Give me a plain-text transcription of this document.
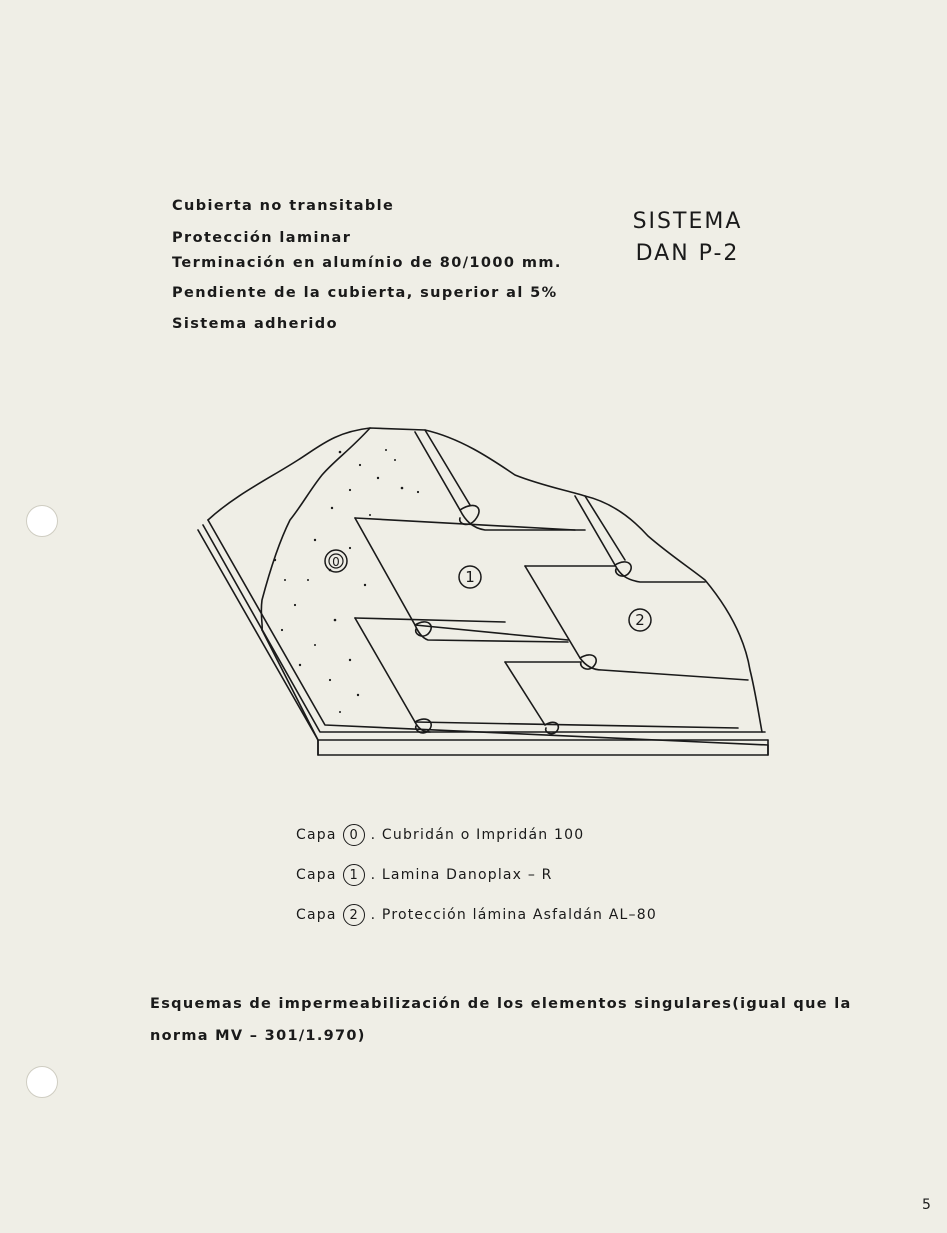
Cubierta no transitable

Protección laminar

Terminación en alumínio de 80/1000 mm.

Pendiente de la cubierta, superior al 5%

Sistema adherido

SISTEMA
DAN P-2
0
1
2
Capa 0 . Cubridán o Impridán 100
Capa 1 . Lamina Danoplax – R
Capa 2 . Protección lámina Asfaldán AL–80
Esquemas de impermeabilización de los elementos singulares(igual que la norma MV – 301/1.970)
5
